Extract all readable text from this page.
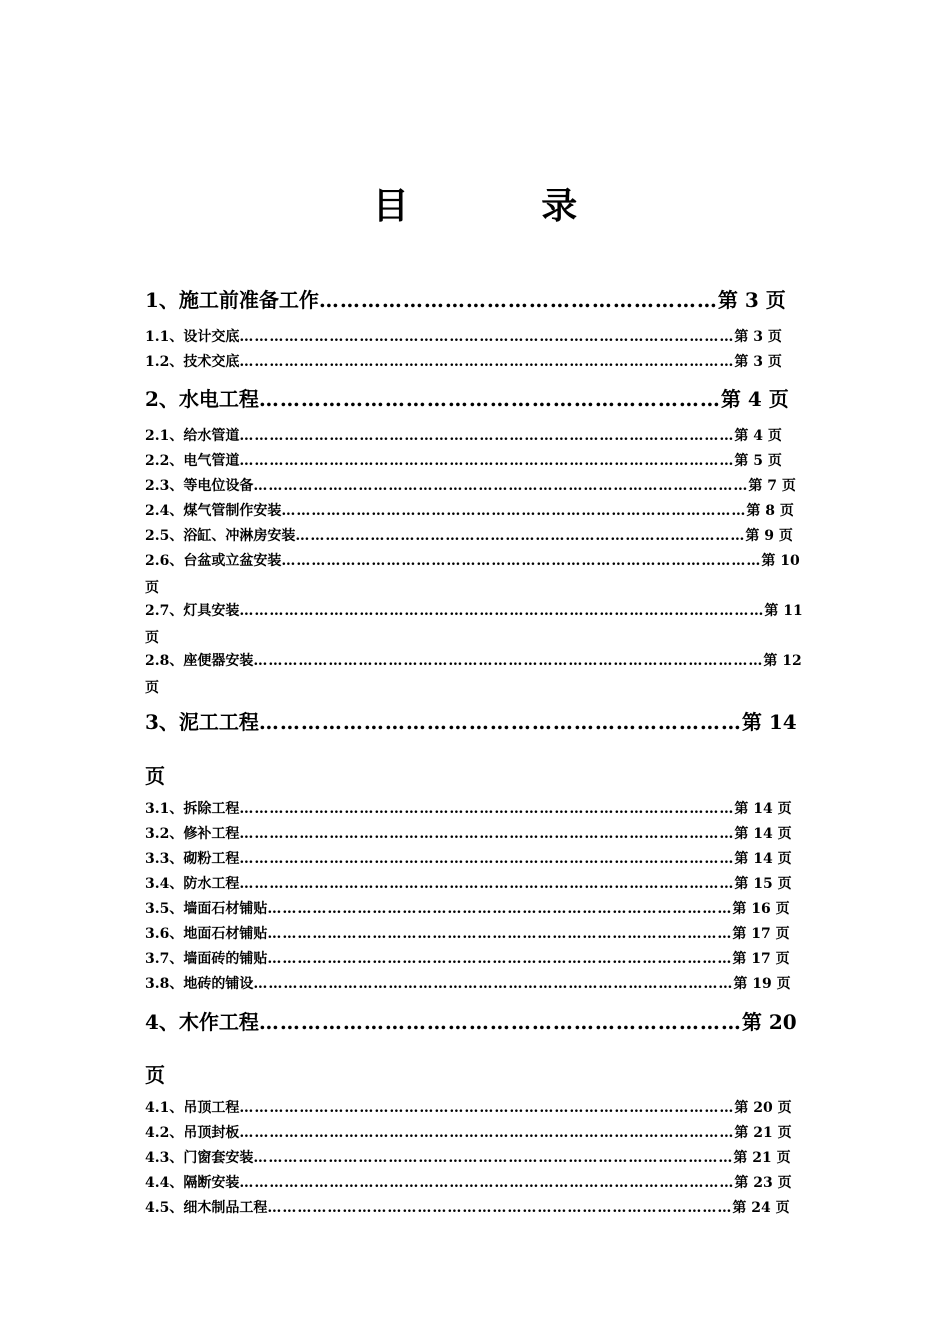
目 录
1、施工前准备工作…………………………………………………第 3 页
1.1、设计交底………………………………………………………………………………………第 3 页
1.2、技术交底………………………………………………………………………………………第 3 页
2、水电工程…………………………………………………………第 4 页
2.1、给水管道………………………………………………………………………………………第 4 页
2.2、电气管道………………………………………………………………………………………第 5 页
2.3、等电位设备………………………………………………………………………………………第 7 页
2.4、煤气管制作安装…………………………………………………………………………………第 8 页
2.5、浴缸、冲淋房安装………………………………………………………………………………第 9 页
2.6、台盆或立盆安装……………………………………………………………………………………第 10
页
2.7、灯具安装……………………………………………………………………………………………第 11
页
2.8、座便器安装…………………………………………………………………………………………第 12
页
3、泥工工程……………………………………………………………第 14
页
3.1、拆除工程………………………………………………………………………………………第 14 页
3.2、修补工程………………………………………………………………………………………第 14 页
3.3、砌粉工程………………………………………………………………………………………第 14 页
3.4、防水工程………………………………………………………………………………………第 15 页
3.5、墙面石材铺贴…………………………………………………………………………………第 16 页
3.6、地面石材铺贴…………………………………………………………………………………第 17 页
3.7、墙面砖的铺贴…………………………………………………………………………………第 17 页
3.8、地砖的铺设……………………………………………………………………………………第 19 页
4、木作工程……………………………………………………………第 20
页
4.1、吊顶工程………………………………………………………………………………………第 20 页
4.2、吊顶封板………………………………………………………………………………………第 21 页
4.3、门窗套安装……………………………………………………………………………………第 21 页
4.4、隔断安装………………………………………………………………………………………第 23 页
4.5、细木制品工程…………………………………………………………………………………第 24 页
